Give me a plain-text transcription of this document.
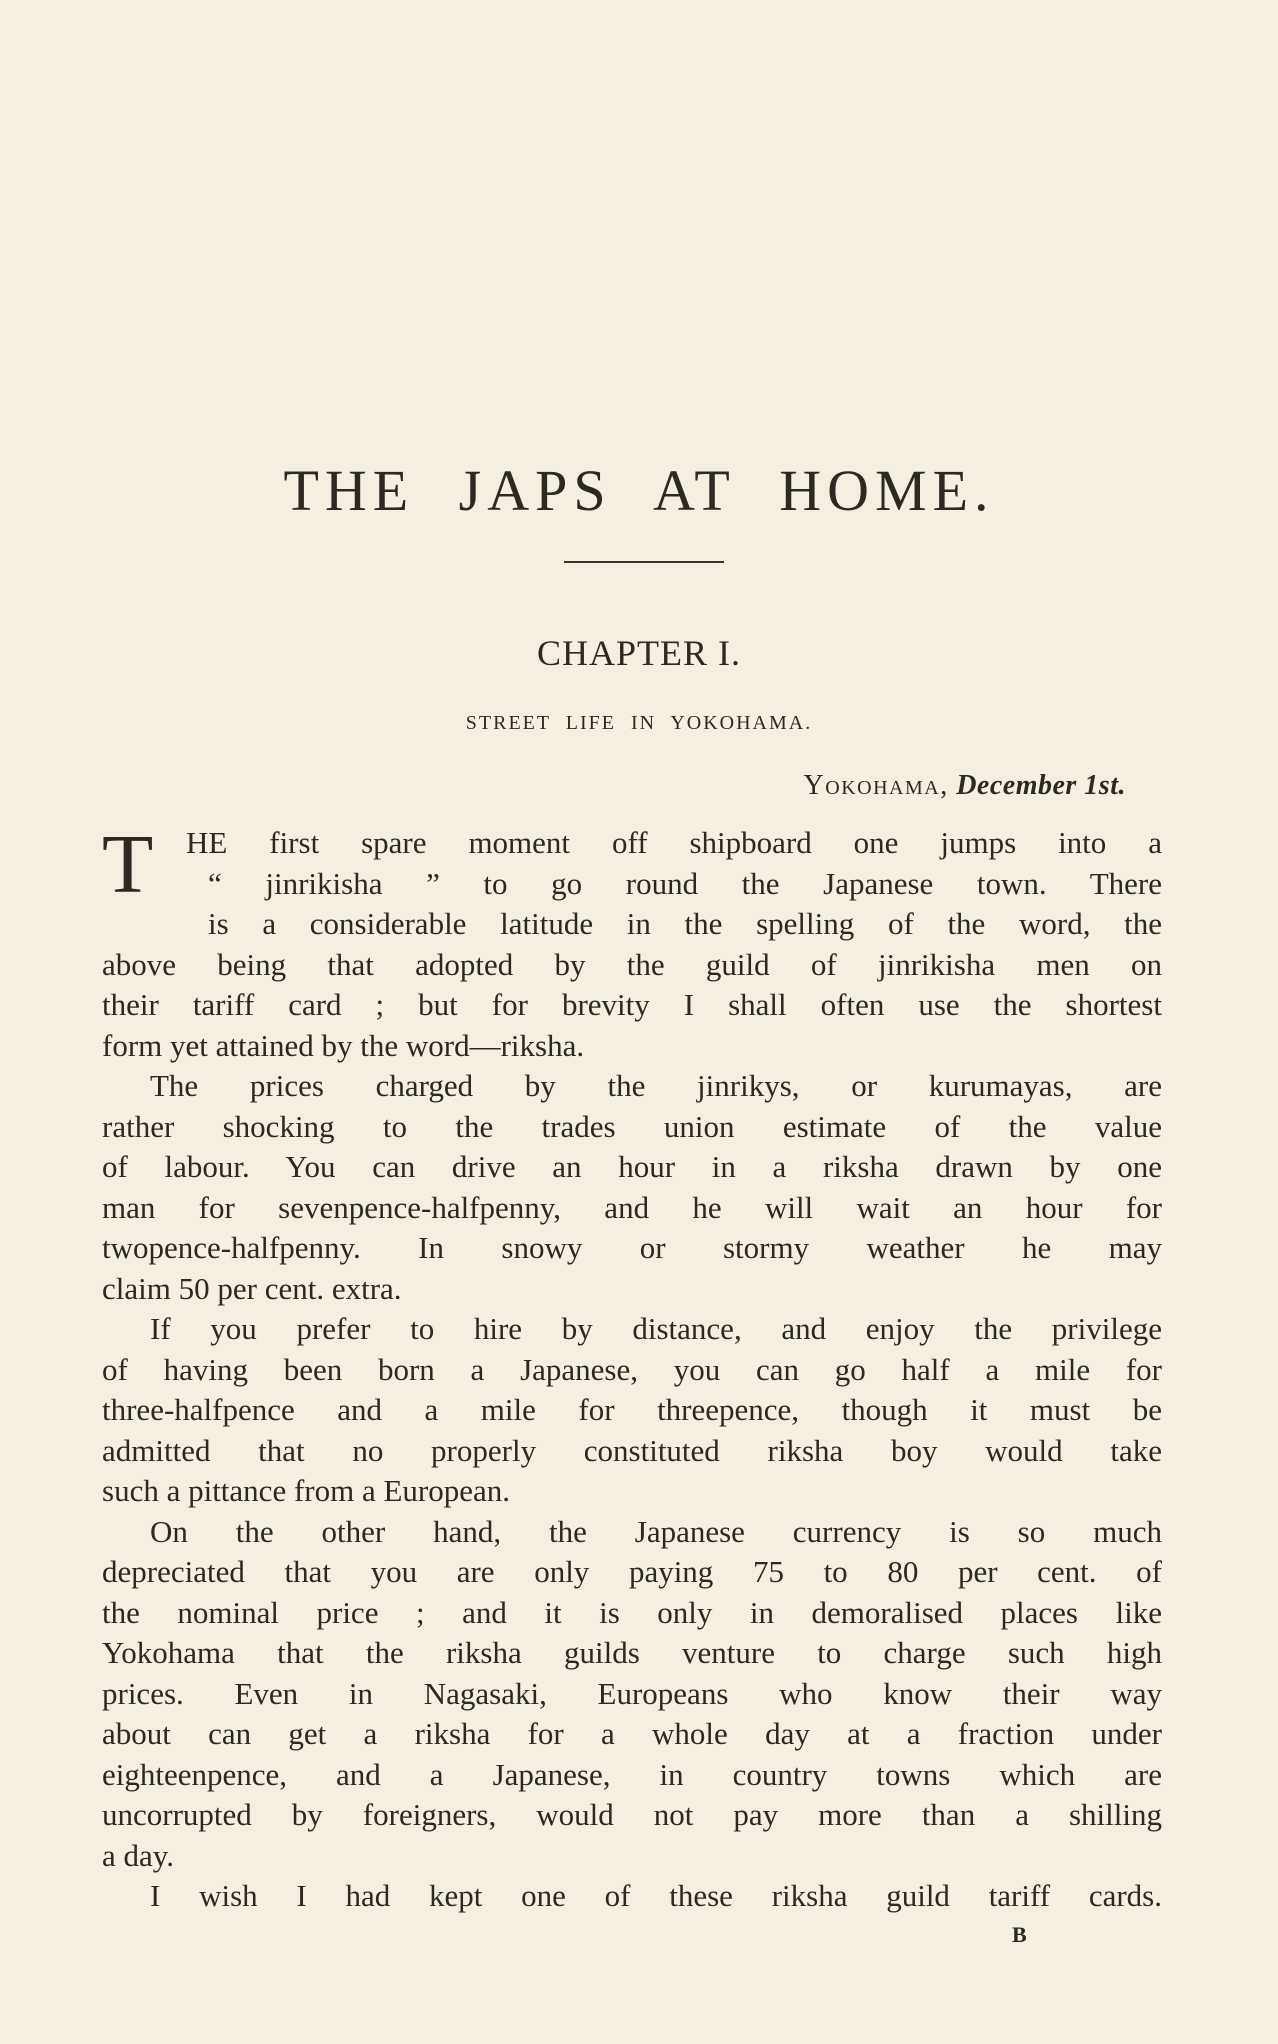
THE JAPS AT HOME.
CHAPTER I.
STREET LIFE IN YOKOHAMA.
Yokohama, December 1st.
T	HE first spare moment off shipboard one jumps into a
“ jinrikisha ” to go round the Japanese town. There
is a considerable latitude in the spelling of the word, the
above being that adopted by the guild of jinrikisha men on
their tariff card ; but for brevity I shall often use the shortest
form yet attained by the word—riksha.
The prices charged by the jinrikys, or kurumayas, are
rather shocking to the trades union estimate of the value
of labour. You can drive an hour in a riksha drawn by one
man for sevenpence-halfpenny, and he will wait an hour for
twopence-halfpenny. In snowy or stormy weather he may
claim 50 per cent. extra.
If you prefer to hire by distance, and enjoy the privilege
of having been born a Japanese, you can go half a mile for
three-halfpence and a mile for threepence, though it must be
admitted that no properly constituted riksha boy would take
such a pittance from a European.
On the other hand, the Japanese currency is so much
depreciated that you are only paying 75 to 80 per cent. of
the nominal price ; and it is only in demoralised places like
Yokohama that the riksha guilds venture to charge such high
prices. Even in Nagasaki, Europeans who know their way
about can get a riksha for a whole day at a fraction under
eighteenpence, and a Japanese, in country towns which are
uncorrupted by foreigners, would not pay more than a shilling
a day.
I wish I had kept one of these riksha guild tariff cards.
B
